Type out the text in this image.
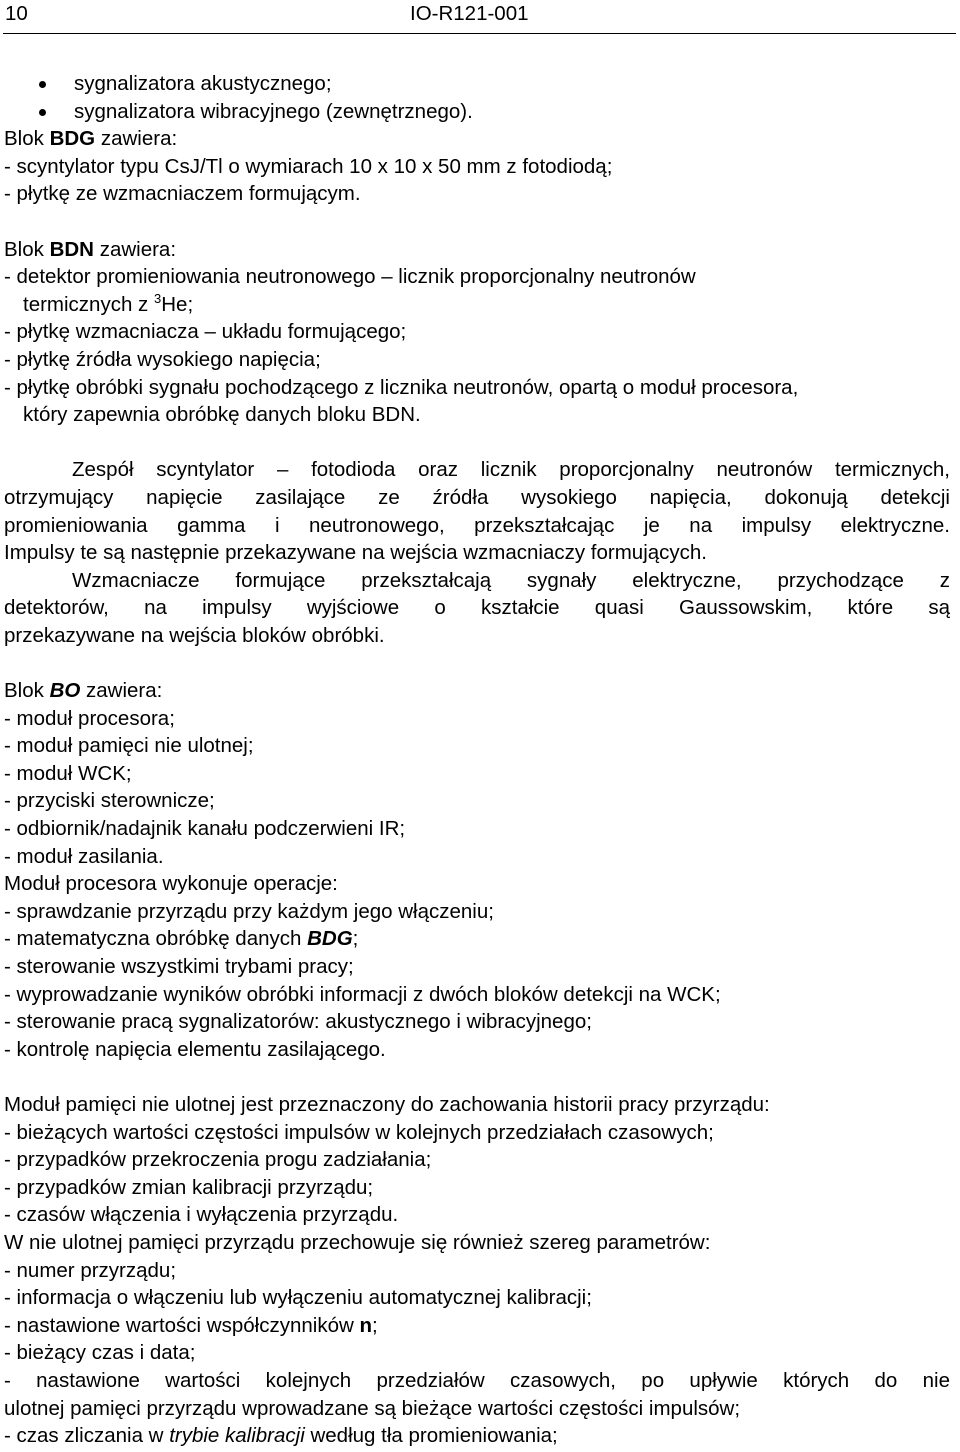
10	IO-R121-001
sygnalizatora akustycznego;
sygnalizatora wibracyjnego (zewnętrznego).
Blok BDG zawiera:
- scyntylator typu CsJ/Tl o wymiarach 10 x 10 x 50 mm z fotodiodą;
- płytkę ze wzmacniaczem formującym.
Blok BDN zawiera:
- detektor promieniowania neutronowego – licznik proporcjonalny neutronów
termicznych z $^3$He;
- płytkę wzmacniacza – układu formującego;
- płytkę źródła wysokiego napięcia;
- płytkę obróbki sygnału pochodzącego z licznika neutronów, opartą o moduł procesora,
który zapewnia obróbkę danych bloku BDN.
Zespół scyntylator – fotodioda oraz licznik proporcjonalny neutronów termicznych,
otrzymujący napięcie zasilające ze źródła wysokiego napięcia, dokonują detekcji
promieniowania gamma i neutronowego, przekształcając je na impulsy elektryczne.
Impulsy te są następnie przekazywane na wejścia wzmacniaczy formujących.
Wzmacniacze formujące przekształcają sygnały elektryczne, przychodzące z
detektorów, na impulsy wyjściowe o kształcie quasi Gaussowskim, które są
przekazywane na wejścia bloków obróbki.
Blok BO zawiera:
- moduł procesora;
- moduł pamięci nie ulotnej;
- moduł WCK;
- przyciski sterownicze;
- odbiornik/nadajnik kanału podczerwieni IR;
- moduł zasilania.
Moduł procesora wykonuje operacje:
- sprawdzanie przyrządu przy każdym jego włączeniu;
- matematyczna obróbkę danych BDG;
- sterowanie wszystkimi trybami pracy;
- wyprowadzanie wyników obróbki informacji z dwóch bloków detekcji na WCK;
- sterowanie pracą sygnalizatorów: akustycznego i wibracyjnego;
- kontrolę napięcia elementu zasilającego.
Moduł pamięci nie ulotnej jest przeznaczony do zachowania historii pracy przyrządu:
- bieżących wartości częstości impulsów w kolejnych przedziałach czasowych;
- przypadków przekroczenia progu zadziałania;
- przypadków zmian kalibracji przyrządu;
- czasów włączenia i wyłączenia przyrządu.
W nie ulotnej pamięci przyrządu przechowuje się również szereg parametrów:
- numer przyrządu;
- informacja o włączeniu lub wyłączeniu automatycznej kalibracji;
- nastawione wartości współczynników n;
- bieżący czas i data;
- nastawione wartości kolejnych przedziałów czasowych, po upływie których do nie
ulotnej pamięci przyrządu wprowadzane są bieżące wartości częstości impulsów;
- czas zliczania w trybie kalibracji według tła promieniowania;
